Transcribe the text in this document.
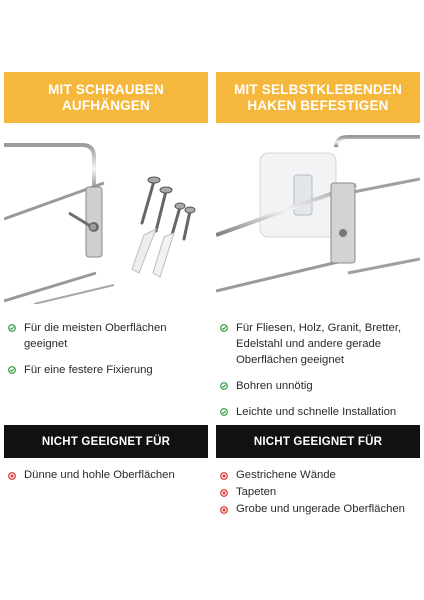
MIT SCHRAUBEN
AUFHÄNGEN
Für die meisten Oberflächen geeignet
Für eine festere Fixierung
NICHT GEEIGNET FÜR
Dünne und hohle Oberflächen
MIT SELBSTKLEBENDEN
HAKEN BEFESTIGEN
Für Fliesen, Holz, Granit, Bretter, Edelstahl und andere gerade Oberflächen geeignet
Bohren unnötig
Leichte und schnelle Installation
NICHT GEEIGNET FÜR
Gestrichene Wände
Tapeten
Grobe und ungerade Oberflächen
